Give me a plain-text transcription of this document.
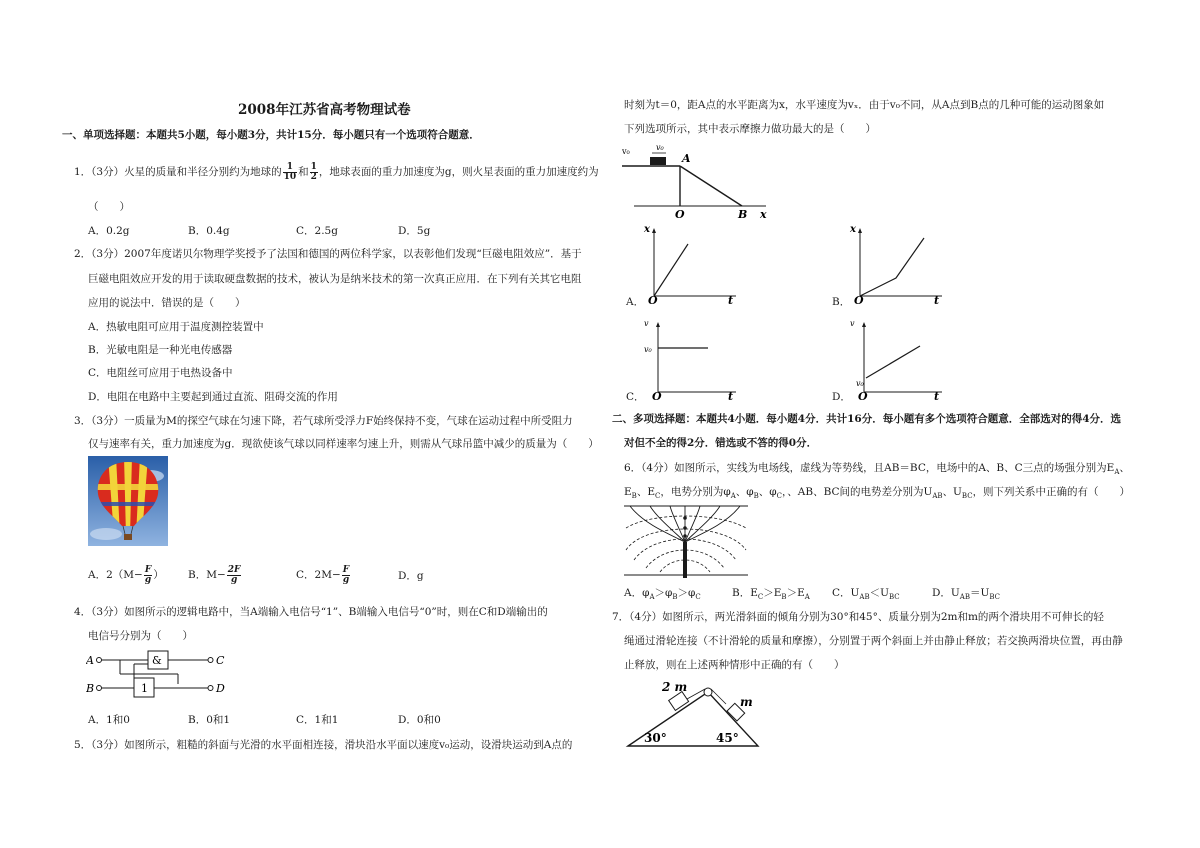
2008年江苏省高考物理试卷
一、单项选择题：本题共5小题，每小题3分，共计15分．每小题只有一个选项符合题意．
1．（3分）火星的质量和半径分别约为地球的 $\frac{1}{10}$ 和 $\frac{1}{2}$ ，地球表面的重力加速度为g，则火星表面的重力加速度约为
（　　）
A．0.2g	B．0.4g	C．2.5g	D．5g
2．（3分）2007年度诺贝尔物理学奖授予了法国和德国的两位科学家，以表彰他们发现“巨磁电阻效应”．基于
巨磁电阻效应开发的用于读取硬盘数据的技术，被认为是纳米技术的第一次真正应用．在下列有关其它电阻
应用的说法中．错误的是（　　）
A．热敏电阻可应用于温度测控装置中
B．光敏电阻是一种光电传感器
C．电阻丝可应用于电热设备中
D．电阻在电路中主要起到通过直流、阻碍交流的作用
3．（3分）一质量为M的探空气球在匀速下降，若气球所受浮力F始终保持不变，气球在运动过程中所受阻力
仅与速率有关，重力加速度为g．现欲使该气球以同样速率匀速上升，则需从气球吊篮中减少的质量为（　　）
A．$2(M- \frac{F}{g}$ ） B．$M- \frac{2F}{g}$	C．$2M- \frac{F}{g}$	D．g
4．（3分）如图所示的逻辑电路中，当A端输入电信号“1”、B端输入电信号“0”时，则在C和D端输出的
电信号分别为（　　）
A
B
C
D
&
1
A．1和0	B．0和1	C．1和1	D．0和0
5．（3分）如图所示，粗糙的斜面与光滑的水平面相连接，滑块沿水平面以速度v₀运动，设滑块运动到A点的
时刻为t＝0，距A点的水平距离为x，水平速度为vₓ．由于v₀不同，从A点到B点的几种可能的运动图象如
下列选项所示，其中表示摩擦力做功最大的是（　　）
v₀	v₀
A
O	B x
x
O	t
A．
x
O	t
B．
v
v₀
O	t
C．
v
v₀
O	t
D．
二、多项选择题：本题共4小题．每小题4分．共计16分．每小题有多个选项符合题意．全部选对的得4分．选
对但不全的得2分．错选或不答的得0分．
6．（4分）如图所示，实线为电场线，虚线为等势线，且AB＝BC，电场中的A、B、C三点的场强分别为$E_A$、
$E_B$、$E_C$，电势分别为$\varphi_A$、$\varphi_B$、$\varphi_C$，、AB、BC间的电势差分别为$U_{AB}$、$U_{BC}$，则下列关系中正确的有（　　）
A．$\varphi_A>\varphi_B>\varphi_C$	B．$E_C>E_B>E_A$ C．$U_{AB}<U_{BC}$	D．$U_{AB}=U_{BC}$
7．（4分）如图所示，两光滑斜面的倾角分别为30°和45°、质量分别为2m和m的两个滑块用不可伸长的轻
绳通过滑轮连接（不计滑轮的质量和摩擦），分别置于两个斜面上并由静止释放；若交换两滑块位置，再由静
止释放，则在上述两种情形中正确的有（　　）
2 m
m
30°	45°
